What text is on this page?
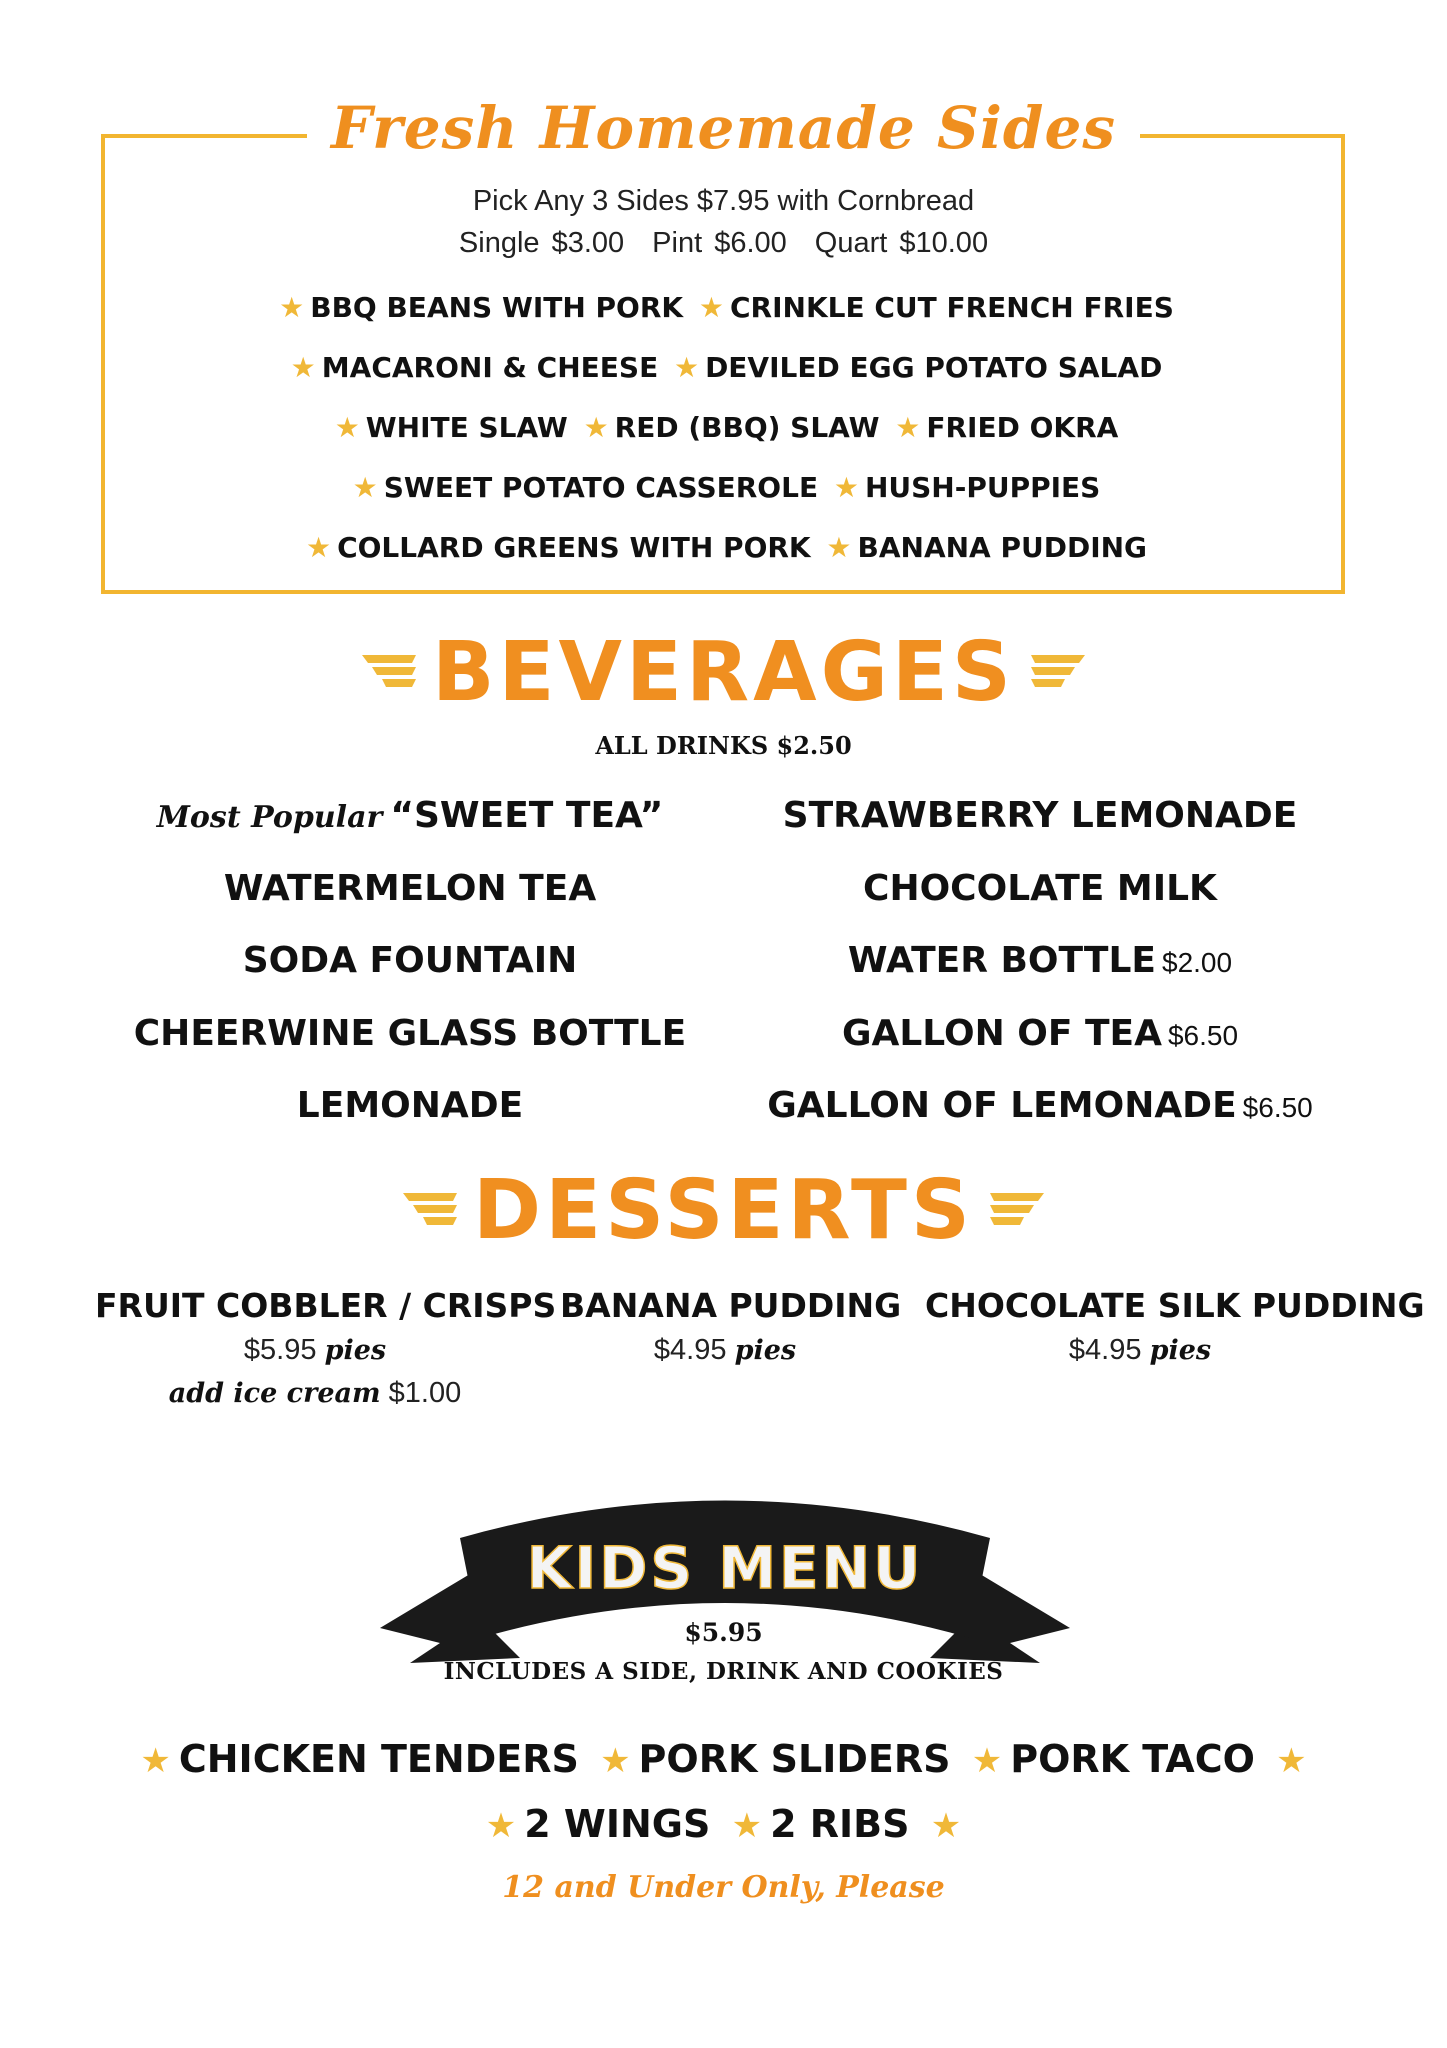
Fresh Homemade Sides
Pick Any 3 Sides $7.95 with Cornbread
Single $3.00 Pint $6.00 Quart $10.00
★ BBQ BEANS WITH PORK ★ CRINKLE CUT FRENCH FRIES
★ MACARONI & CHEESE ★ DEVILED EGG POTATO SALAD
★ WHITE SLAW ★ RED (BBQ) SLAW ★ FRIED OKRA
★ SWEET POTATO CASSEROLE ★ HUSH-PUPPIES
★ COLLARD GREENS WITH PORK ★ BANANA PUDDING
BEVERAGES
ALL DRINKS $2.50
Most Popular “SWEET TEA”
WATERMELON TEA
SODA FOUNTAIN
CHEERWINE GLASS BOTTLE
LEMONADE
STRAWBERRY LEMONADE
CHOCOLATE MILK
WATER BOTTLE $2.00
GALLON OF TEA $6.50
GALLON OF LEMONADE $6.50
DESSERTS
FRUIT COBBLER / CRISPS
$5.95 pies
add ice cream $1.00
BANANA PUDDING
$4.95 pies
CHOCOLATE SILK PUDDING
$4.95 pies
KIDS MENU
$5.95
INCLUDES A SIDE, DRINK AND COOKIES
★ CHICKEN TENDERS ★ PORK SLIDERS ★ PORK TACO ★
★ 2 WINGS ★ 2 RIBS ★
12 and Under Only, Please
